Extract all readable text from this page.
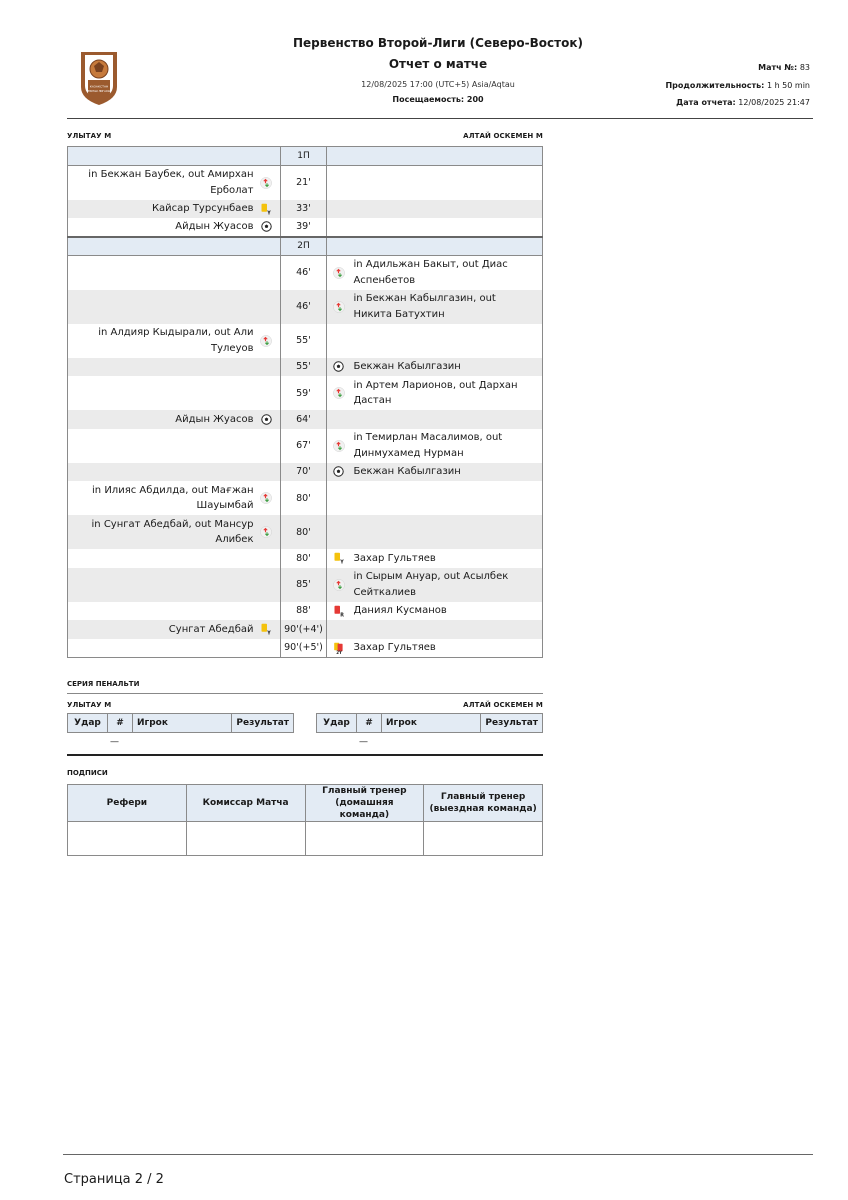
КАЗАКСТАН
ЕКІНШІ ЛИГАСЫ
Первенство Второй-Лиги (Северо-Восток)
Отчет о матче
12/08/2025 17:00 (UTC+5) Asia/Aqtau
Посещаемость: 200
Матч №: 83
Продолжительность: 1 h 50 min
Дата отчета: 12/08/2025 21:47
УЛЫТАУ М	АЛТАЙ ОСКЕМЕН М
	1П	

in Бекжан Баубек, out Амирхан Ерболат	21'	

Кайсар Турсунбаев Y	33'	

Айдын Жуасов	39'	
	2П	
	46'	in Адильжан Бакыт, out Диас Аспенбетов

	46'	in Бекжан Кабылгазин, out Никита Батухтин

in Алдияр Кыдырали, out Али Тулеуов	55'	
	55'	Бекжан Кабылгазин

	59'	in Артем Ларионов, out Дархан Дастан

Айдын Жуасов	64'	
	67'	in Темирлан Масалимов, out Динмухамед Нурман

	70'	Бекжан Кабылгазин

in Илияс Абдилда, out Мағжан Шауымбай	80'	

in Сунгат Абедбай, out Мансур Алибек	80'	
	80'	Y Захар Гультяев

	85'	in Сырым Ануар, out Асылбек Сейткалиев

	88'	R Даниял Кусманов

Сунгат Абедбай Y	90'(+4')	
	90'(+5')	2Y Захар Гультяев
СЕРИЯ ПЕНАЛЬТИ
УЛЫТАУ М	АЛТАЙ ОСКЕМЕН М
Удар	#	Игрок	Результат
—
Удар	#	Игрок	Результат
—
ПОДПИСИ
Рефери	Комиссар Матча	Главный тренер (домашняя команда)	Главный тренер (выездная команда)

Страница 2 / 2
